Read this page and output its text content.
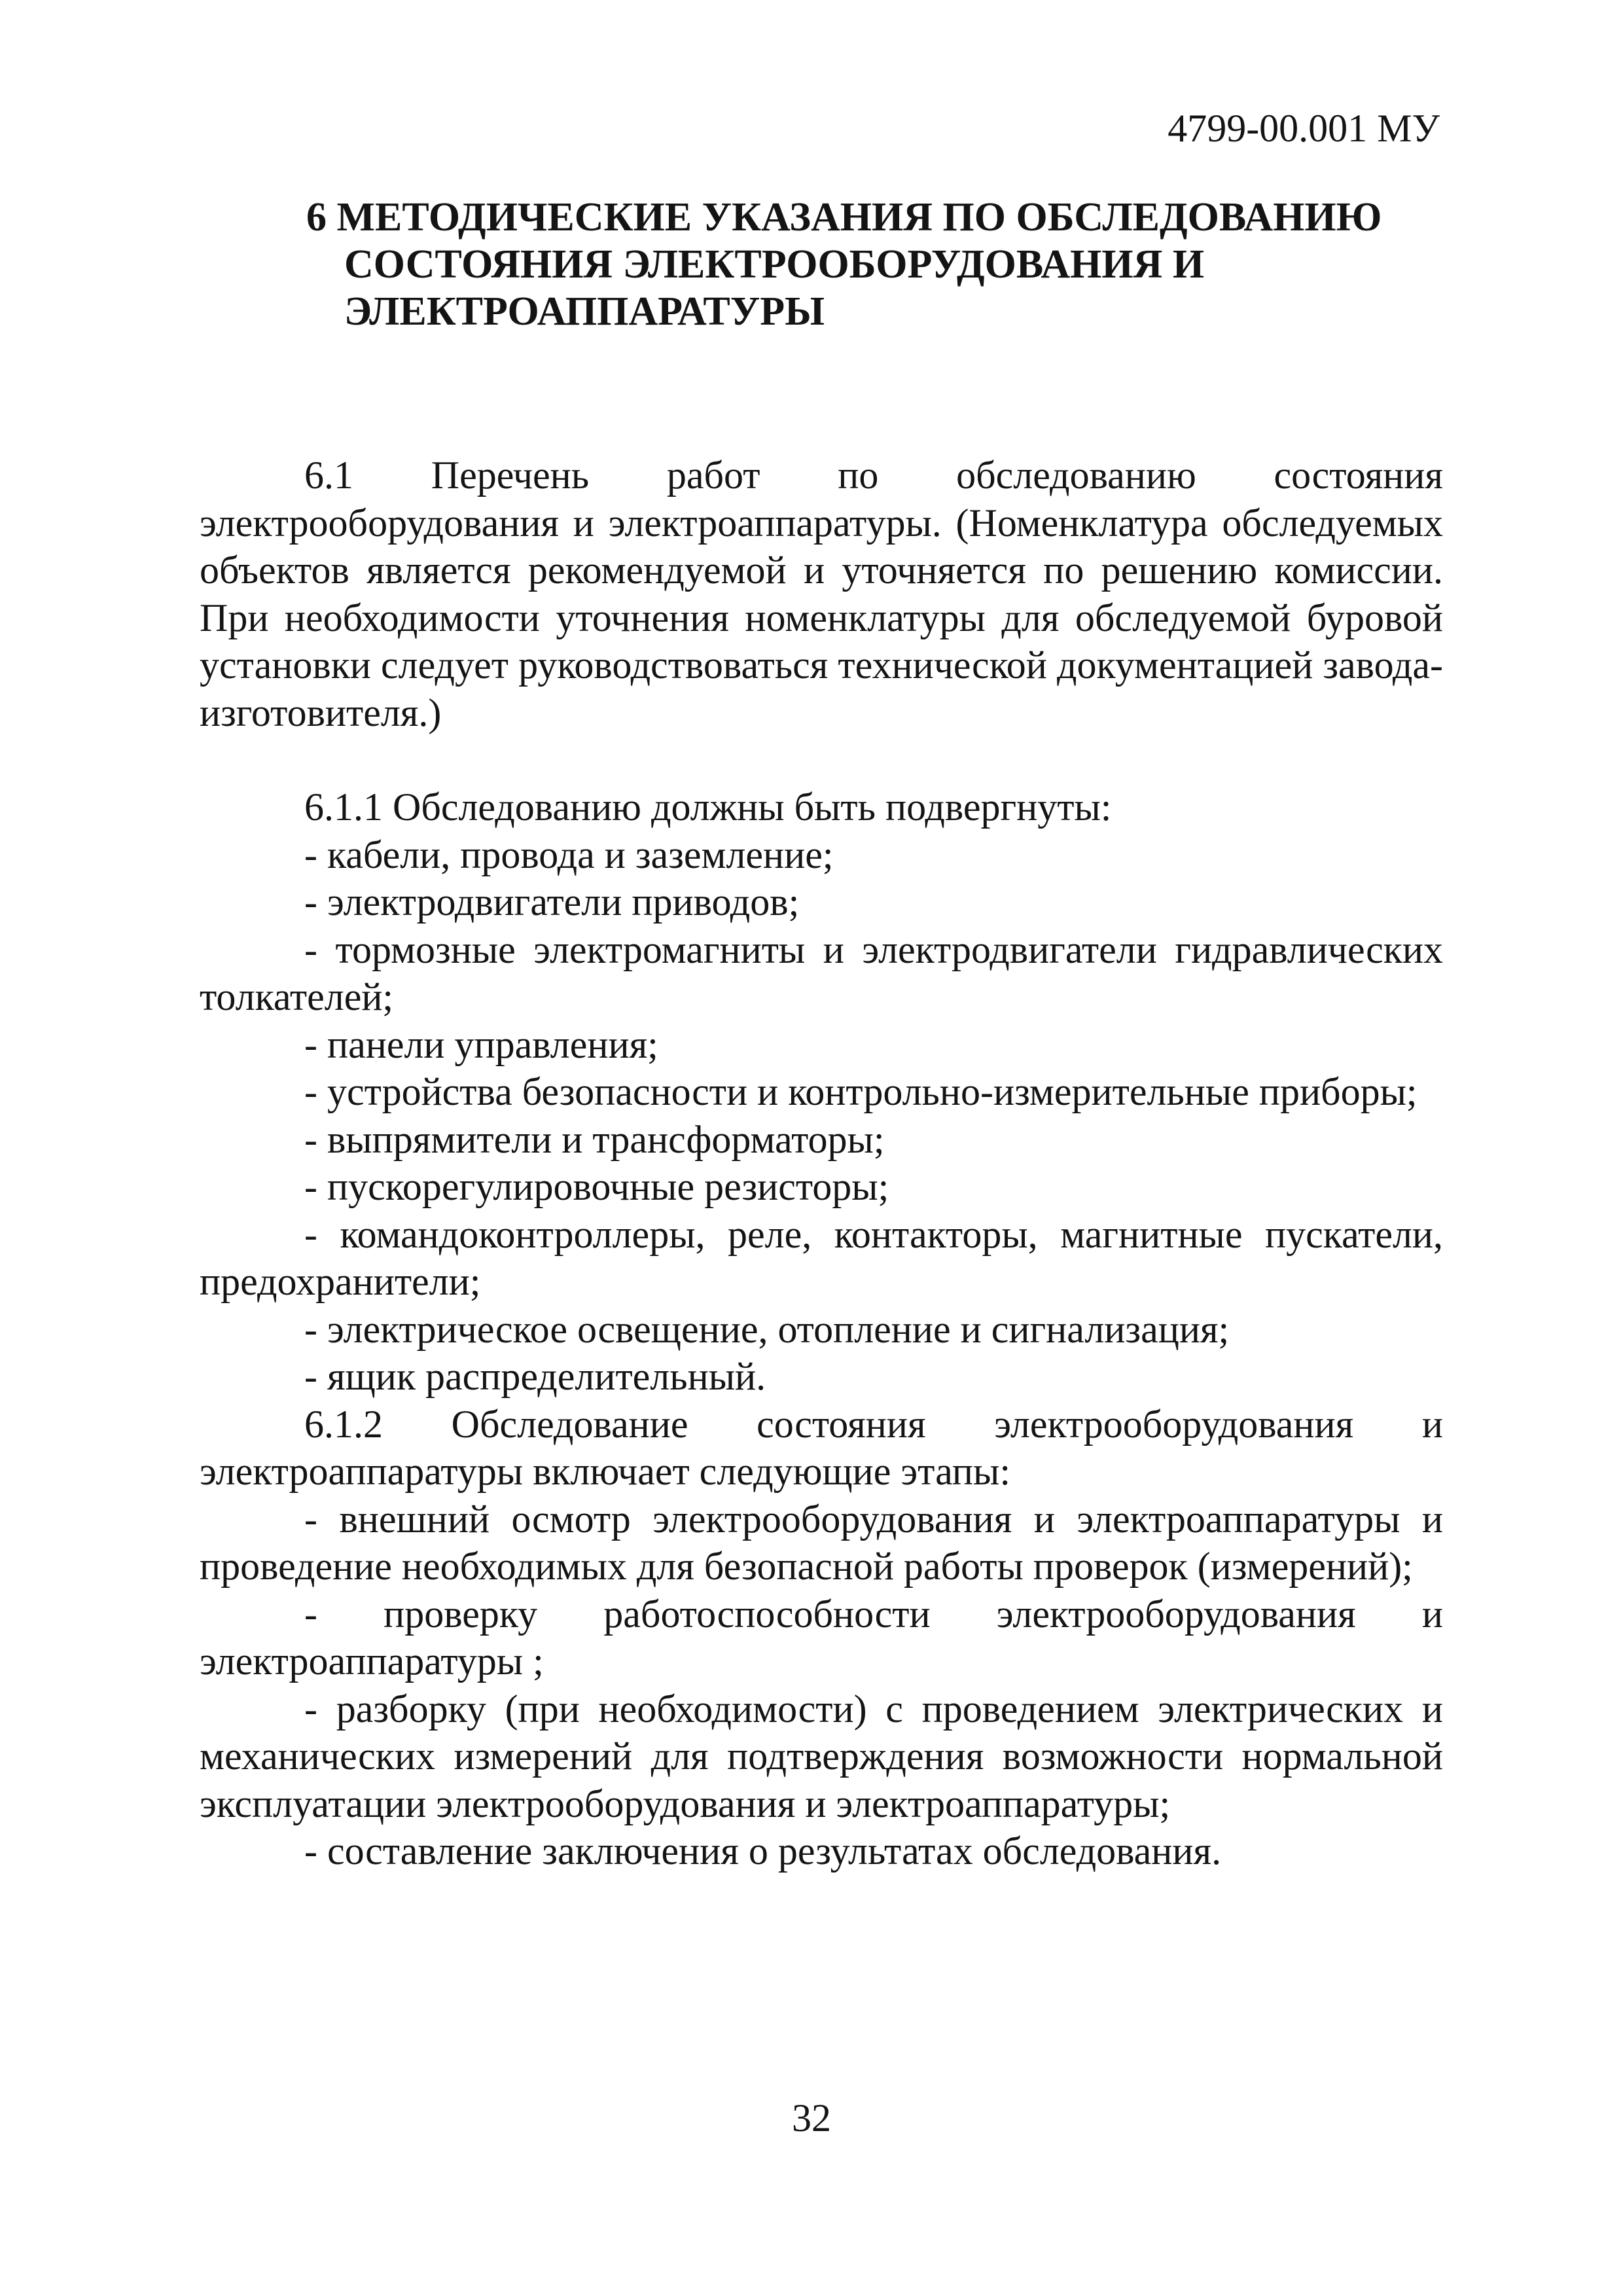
4799-00.001 МУ
6 МЕТОДИЧЕСКИЕ УКАЗАНИЯ ПО ОБСЛЕДОВАНИЮ
СОСТОЯНИЯ ЭЛЕКТРООБОРУДОВАНИЯ И
ЭЛЕКТРОАППАРАТУРЫ

6.1 Перечень работ по обследованию состояния электрооборудования и электроаппаратуры. (Номенклатура обследуемых объектов является рекомендуемой и уточняется по решению комиссии. При необходимости уточнения номенклатуры для обследуемой буровой установки следует руководствоваться технической документацией завода-изготовителя.)

6.1.1 Обследованию должны быть подвергнуты:

- кабели, провода и заземление;

- электродвигатели приводов;

- тормозные электромагниты и электродвигатели гидравлических толкателей;

- панели управления;

- устройства безопасности и контрольно-измерительные приборы;

- выпрямители и трансформаторы;

- пускорегулировочные резисторы;

- командоконтроллеры, реле, контакторы, магнитные пускатели, предохранители;

- электрическое освещение, отопление и сигнализация;

- ящик распределительный.

6.1.2 Обследование состояния электрооборудования и электроаппаратуры включает следующие этапы:

- внешний осмотр электрооборудования и электроаппаратуры и проведение необходимых для безопасной работы проверок (измерений);

- проверку работоспособности электрооборудования и электроаппаратуры ;

- разборку (при необходимости) с проведением электрических и механических измерений для подтверждения возможности нормальной эксплуатации электрооборудования и электроаппаратуры;

- составление заключения о результатах обследования.

32
